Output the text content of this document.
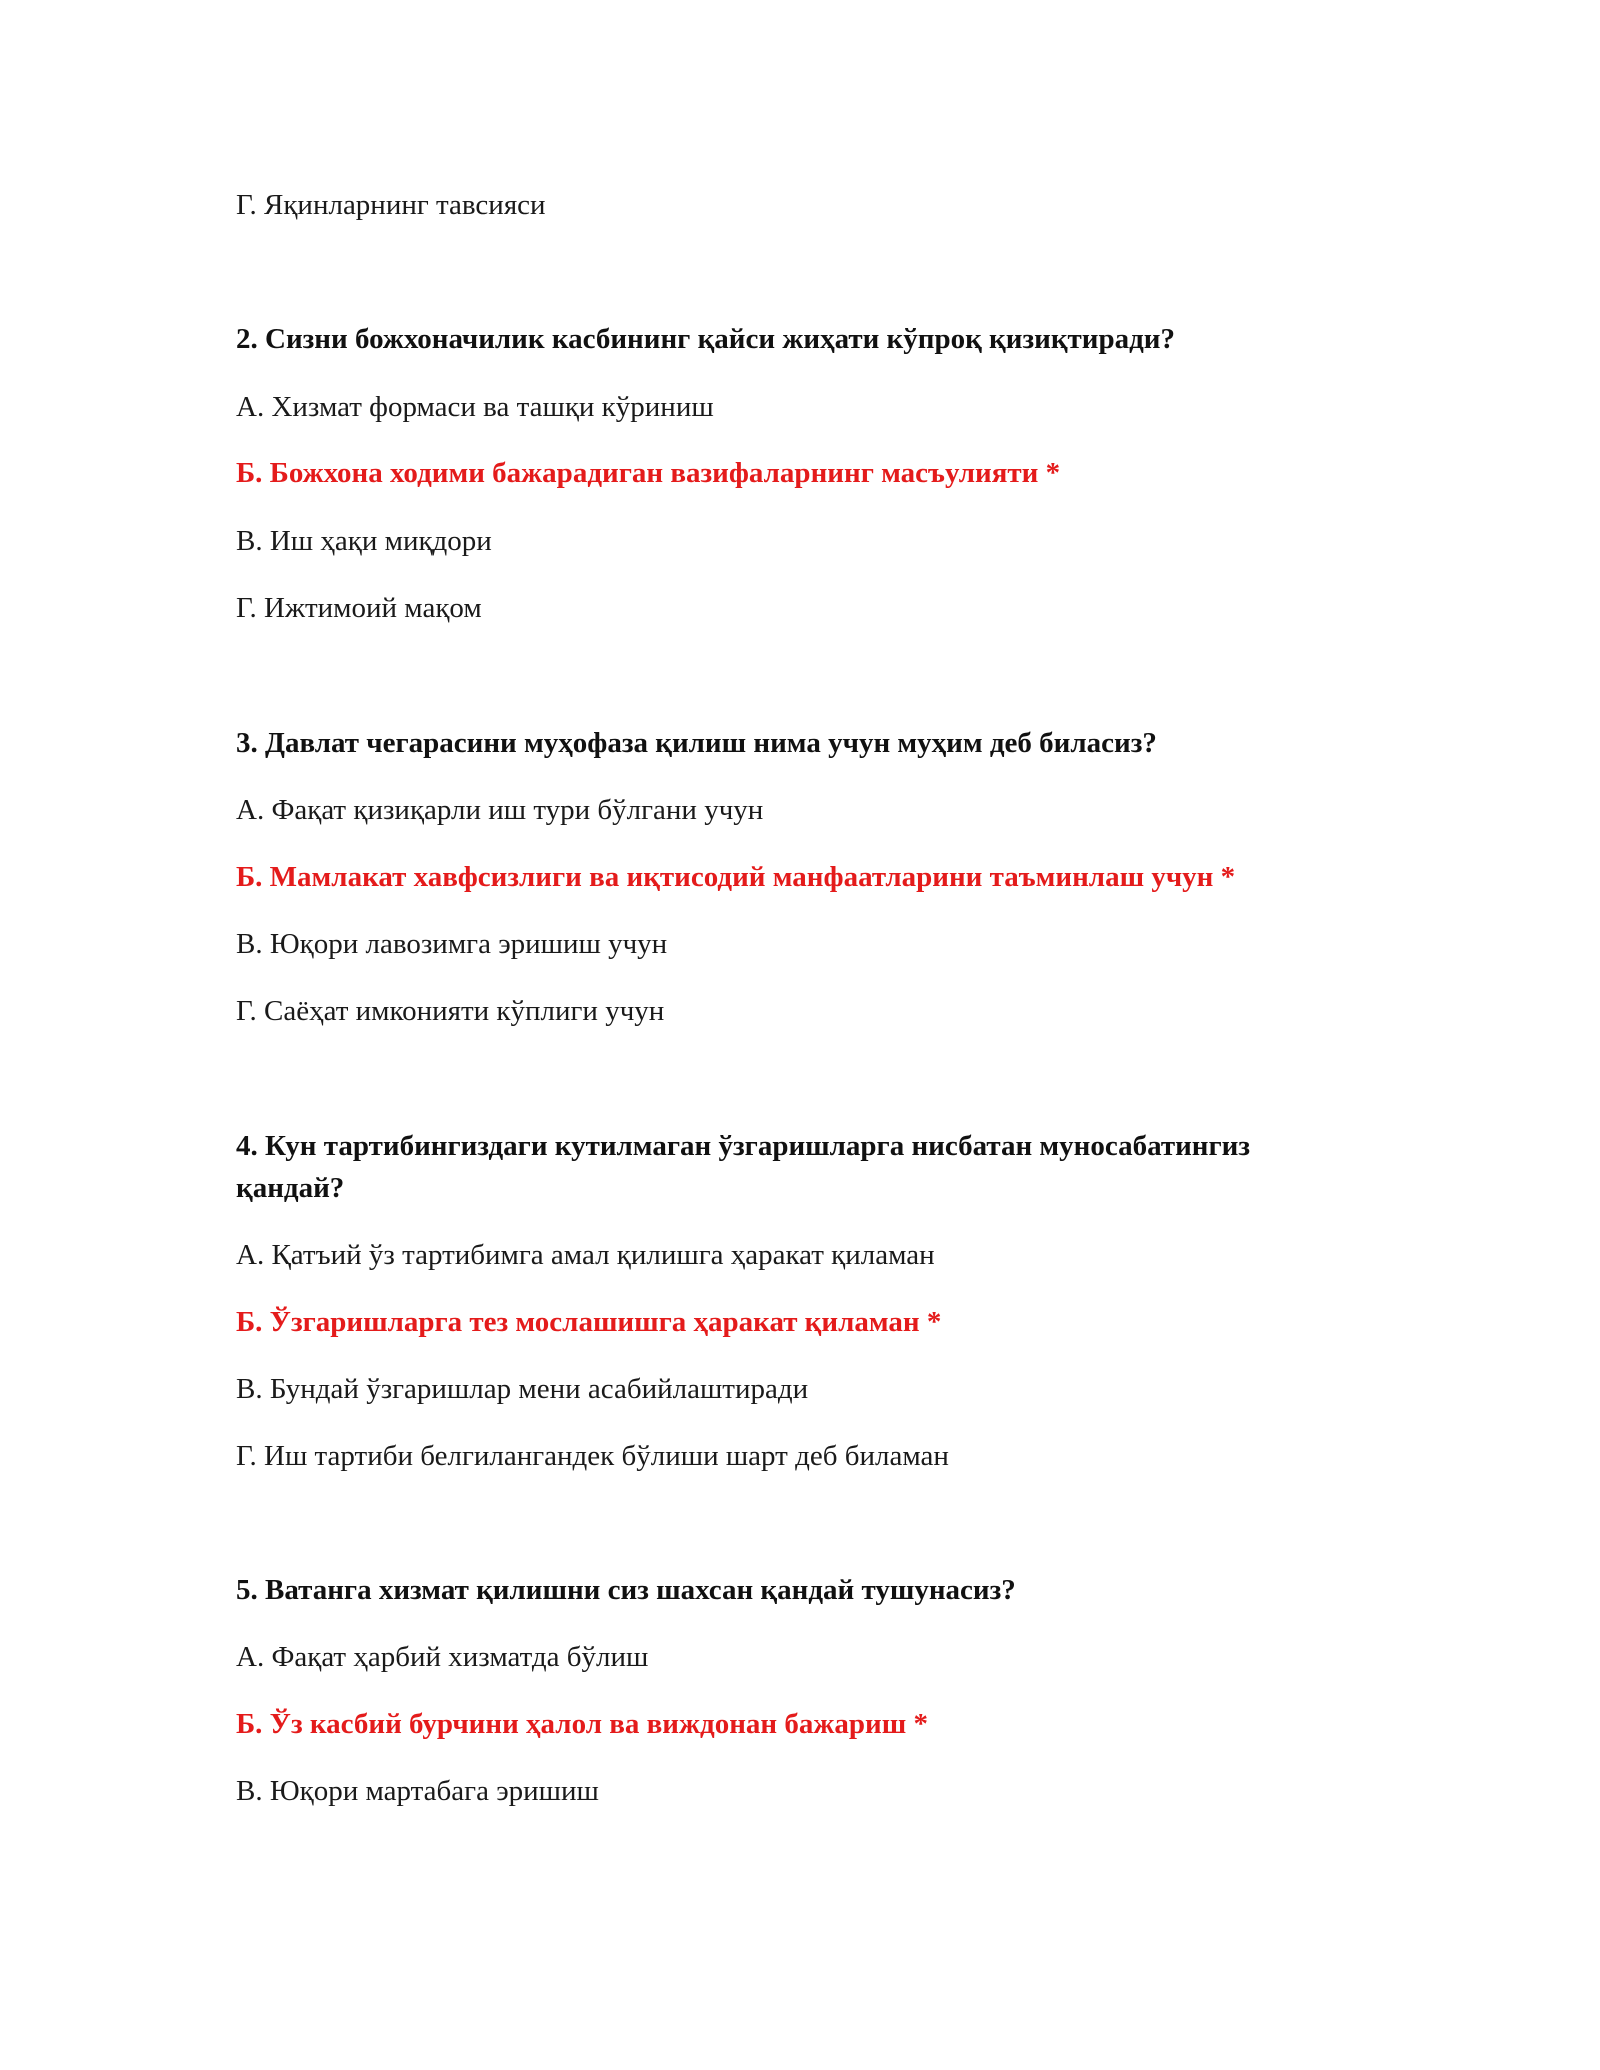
Г. Яқинларнинг тавсияси
2. Сизни божхоначилик касбининг қайси жиҳати кўпроқ қизиқтиради?
А. Хизмат формаси ва ташқи кўриниш
Б. Божхона ходими бажарадиган вазифаларнинг масъулияти *
В. Иш ҳақи миқдори
Г. Ижтимоий мақом
3. Давлат чегарасини муҳофаза қилиш нима учун муҳим деб биласиз?
А. Фақат қизиқарли иш тури бўлгани учун
Б. Мамлакат хавфсизлиги ва иқтисодий манфаатларини таъминлаш учун *
В. Юқори лавозимга эришиш учун
Г. Саёҳат имконияти кўплиги учун
4. Кун тартибингиздаги кутилмаган ўзгаришларга нисбатан муносабатингиз
қандай?
А. Қатъий ўз тартибимга амал қилишга ҳаракат қиламан
Б. Ўзгаришларга тез мослашишга ҳаракат қиламан *
В. Бундай ўзгаришлар мени асабийлаштиради
Г. Иш тартиби белгилангандек бўлиши шарт деб биламан
5. Ватанга хизмат қилишни сиз шахсан қандай тушунасиз?
А. Фақат ҳарбий хизматда бўлиш
Б. Ўз касбий бурчини ҳалол ва виждонан бажариш *
В. Юқори мартабага эришиш
